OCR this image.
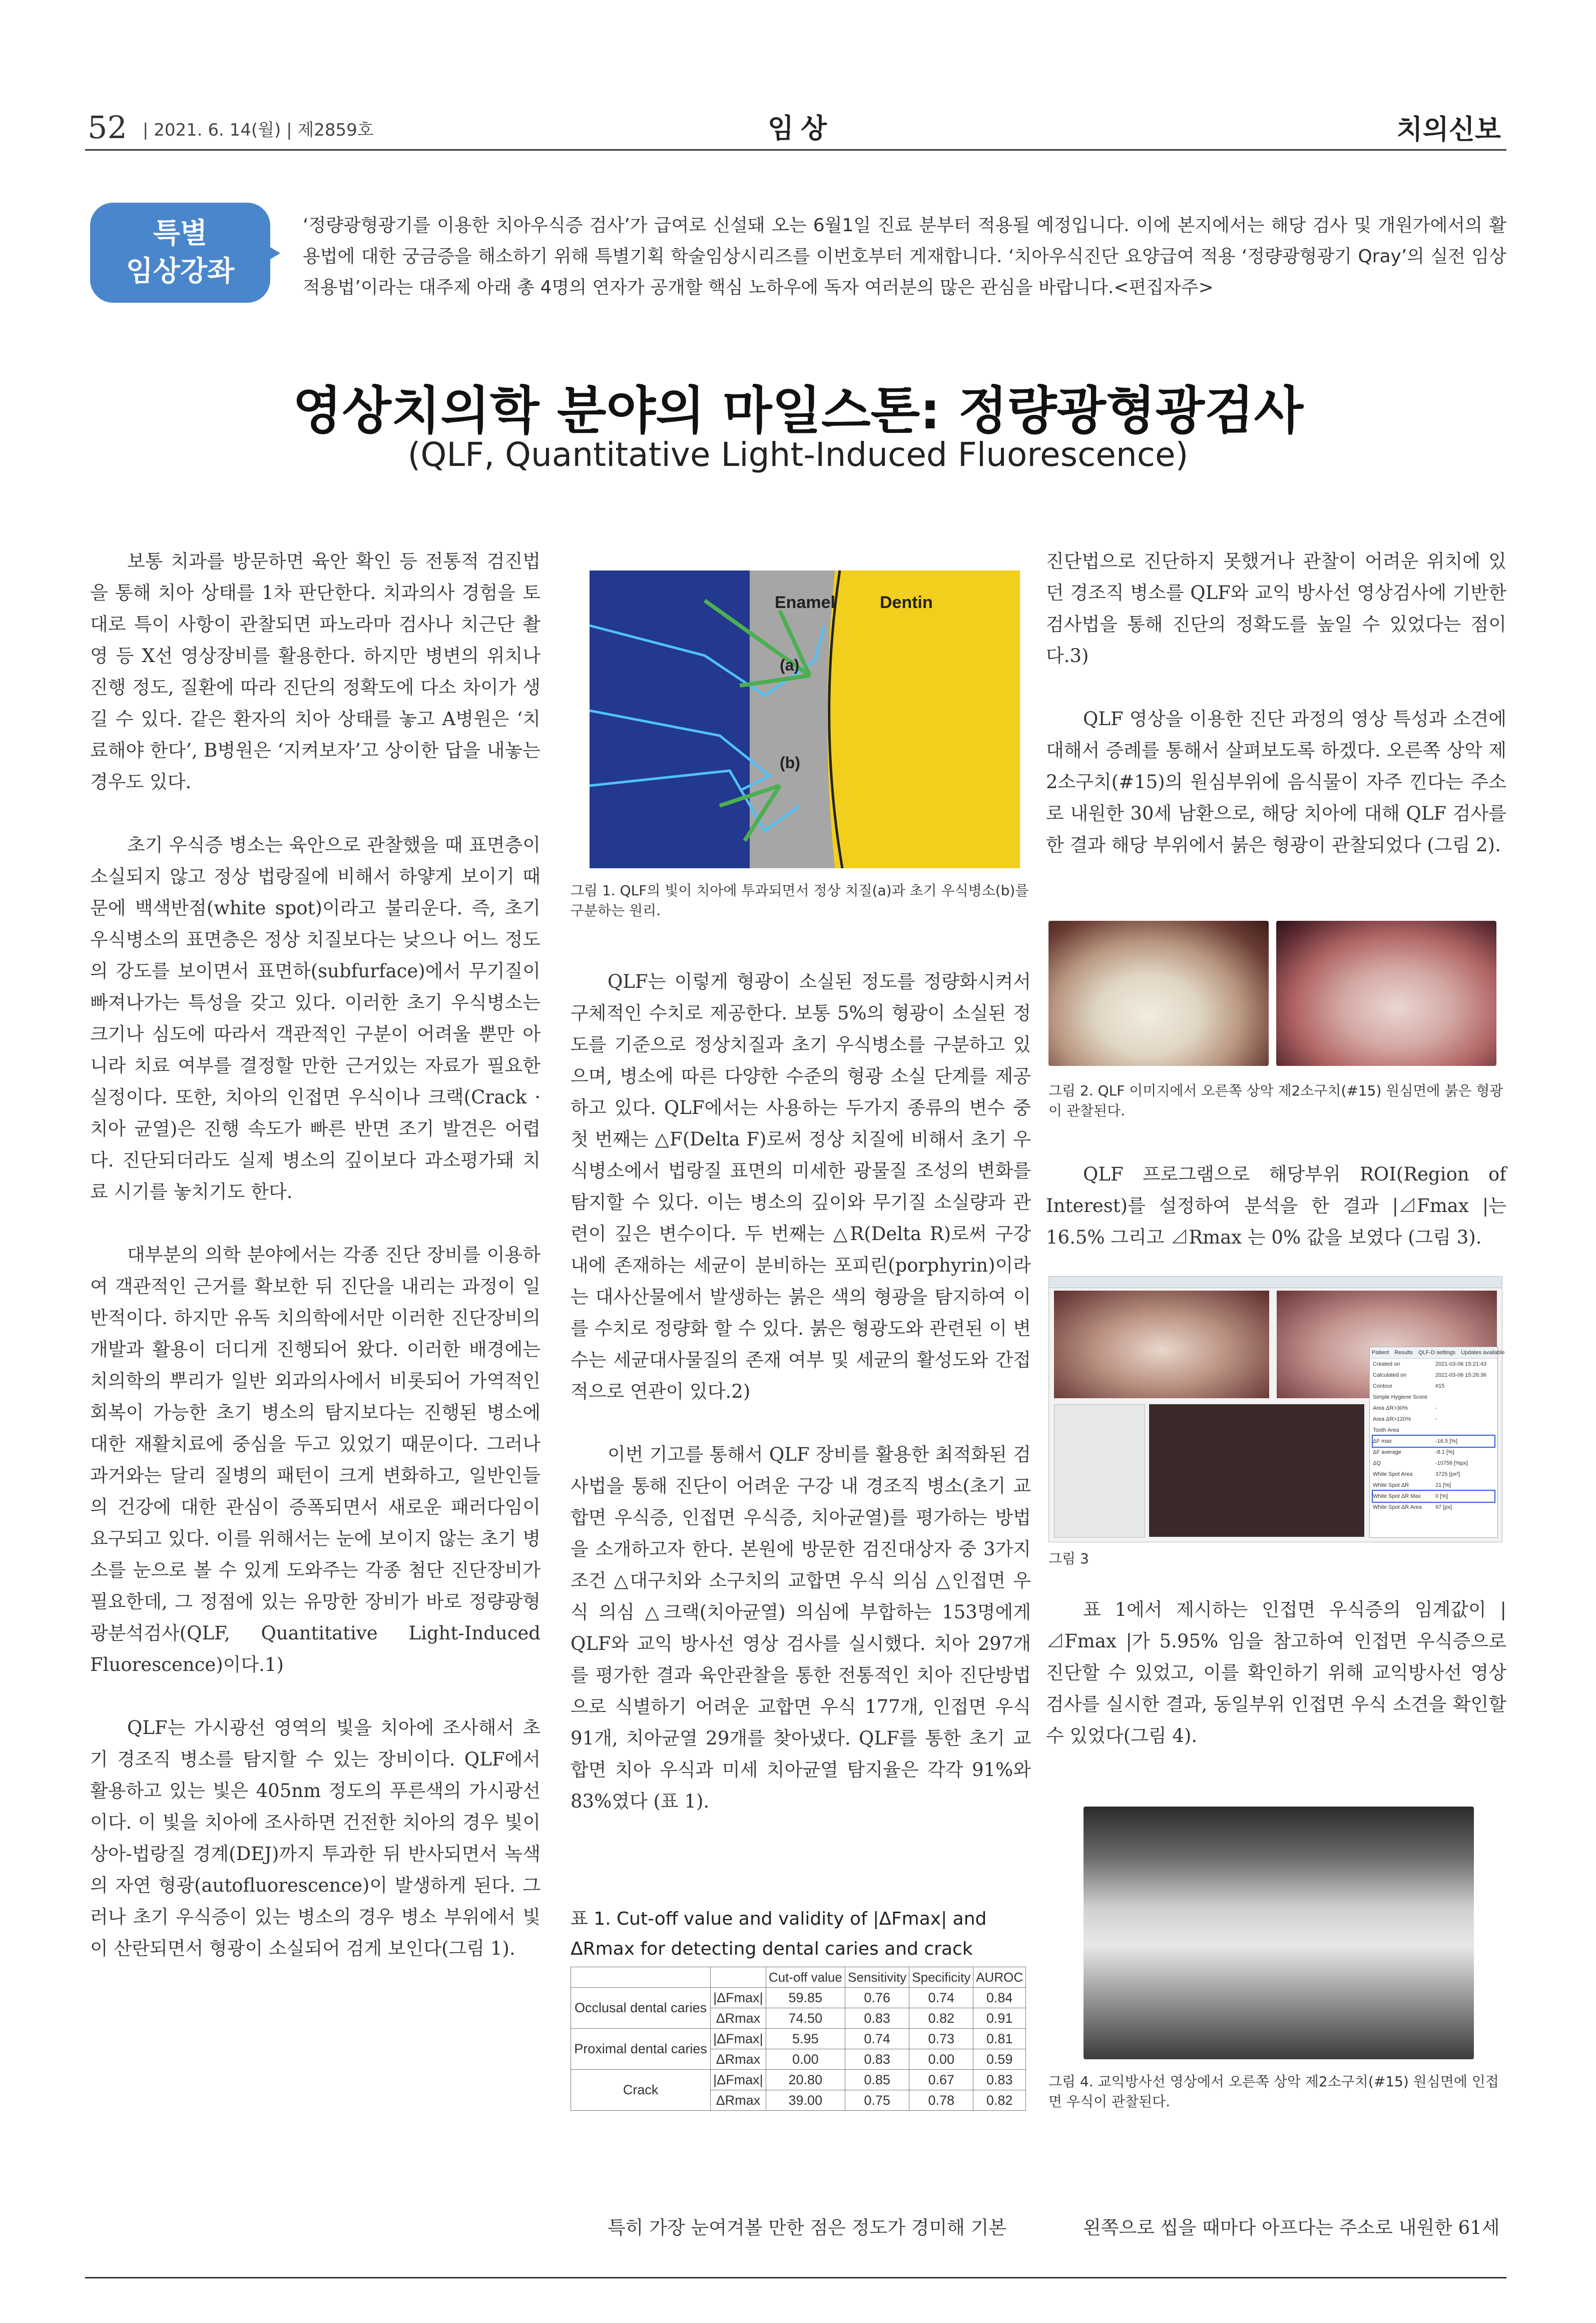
52 | 2021. 6. 14(월) | 제2859호	임상	치의신보
특별
임상강좌
‘정량광형광기를 이용한 치아우식증 검사’가 급여로 신설돼 오는 6월1일 진료 분부터 적용될 예정입니다. 이에 본지에서는 해당 검사 및 개원가에서의 활용법에 대한 궁금증을 해소하기 위해 특별기획 학술임상시리즈를 이번호부터 게재합니다. ‘치아우식진단 요양급여 적용 ‘정량광형광기 Qray’의 실전 임상 적용법’이라는 대주제 아래 총 4명의 연자가 공개할 핵심 노하우에 독자 여러분의 많은 관심을 바랍니다.<편집자주>
영상치의학 분야의 마일스톤: 정량광형광검사
(QLF, Quantitative Light-Induced Fluorescence)

보통 치과를 방문하면 육안 확인 등 전통적 검진법을 통해 치아 상태를 1차 판단한다. 치과의사 경험을 토대로 특이 사항이 관찰되면 파노라마 검사나 치근단 촬영 등 X선 영상장비를 활용한다. 하지만 병변의 위치나 진행 정도, 질환에 따라 진단의 정확도에 다소 차이가 생길 수 있다. 같은 환자의 치아 상태를 놓고 A병원은 ‘치료해야 한다’, B병원은 ‘지켜보자’고 상이한 답을 내놓는 경우도 있다.

초기 우식증 병소는 육안으로 관찰했을 때 표면층이 소실되지 않고 정상 법랑질에 비해서 하얗게 보이기 때문에 백색반점(white spot)이라고 불리운다. 즉, 초기 우식병소의 표면층은 정상 치질보다는 낮으나 어느 정도의 강도를 보이면서 표면하(subfurface)에서 무기질이 빠져나가는 특성을 갖고 있다. 이러한 초기 우식병소는 크기나 심도에 따라서 객관적인 구분이 어려울 뿐만 아니라 치료 여부를 결정할 만한 근거있는 자료가 필요한 실정이다. 또한, 치아의 인접면 우식이나 크랙(Crack · 치아 균열)은 진행 속도가 빠른 반면 조기 발견은 어렵다. 진단되더라도 실제 병소의 깊이보다 과소평가돼 치료 시기를 놓치기도 한다.

대부분의 의학 분야에서는 각종 진단 장비를 이용하여 객관적인 근거를 확보한 뒤 진단을 내리는 과정이 일반적이다. 하지만 유독 치의학에서만 이러한 진단장비의 개발과 활용이 더디게 진행되어 왔다. 이러한 배경에는 치의학의 뿌리가 일반 외과의사에서 비롯되어 가역적인 회복이 가능한 초기 병소의 탐지보다는 진행된 병소에 대한 재활치료에 중심을 두고 있었기 때문이다. 그러나 과거와는 달리 질병의 패턴이 크게 변화하고, 일반인들의 건강에 대한 관심이 증폭되면서 새로운 패러다임이 요구되고 있다. 이를 위해서는 눈에 보이지 않는 초기 병소를 눈으로 볼 수 있게 도와주는 각종 첨단 진단장비가 필요한데, 그 정점에 있는 유망한 장비가 바로 정량광형광분석검사(QLF, Quantitative Light-Induced Fluorescence)이다.1)

QLF는 가시광선 영역의 빛을 치아에 조사해서 초기 경조직 병소를 탐지할 수 있는 장비이다. QLF에서 활용하고 있는 빛은 405nm 정도의 푸른색의 가시광선이다. 이 빛을 치아에 조사하면 건전한 치아의 경우 빛이 상아-법랑질 경계(DEJ)까지 투과한 뒤 반사되면서 녹색의 자연 형광(autofluorescence)이 발생하게 된다. 그러나 초기 우식증이 있는 병소의 경우 병소 부위에서 빛이 산란되면서 형광이 소실되어 검게 보인다(그림 1).

Enamel	Dentin
(a)
(b)
그림 1. QLF의 빛이 치아에 투과되면서 정상 치질(a)과 초기 우식병소(b)를 구분하는 원리.

QLF는 이렇게 형광이 소실된 정도를 정량화시켜서 구체적인 수치로 제공한다. 보통 5%의 형광이 소실된 정도를 기준으로 정상치질과 초기 우식병소를 구분하고 있으며, 병소에 따른 다양한 수준의 형광 소실 단계를 제공하고 있다. QLF에서는 사용하는 두가지 종류의 변수 중 첫 번째는 △F(Delta F)로써 정상 치질에 비해서 초기 우식병소에서 법랑질 표면의 미세한 광물질 조성의 변화를 탐지할 수 있다. 이는 병소의 깊이와 무기질 소실량과 관련이 깊은 변수이다. 두 번째는 △R(Delta R)로써 구강 내에 존재하는 세균이 분비하는 포피린(porphyrin)이라는 대사산물에서 발생하는 붉은 색의 형광을 탐지하여 이를 수치로 정량화 할 수 있다. 붉은 형광도와 관련된 이 변수는 세균대사물질의 존재 여부 및 세균의 활성도와 간접적으로 연관이 있다.2)

이번 기고를 통해서 QLF 장비를 활용한 최적화된 검사법을 통해 진단이 어려운 구강 내 경조직 병소(초기 교합면 우식증, 인접면 우식증, 치아균열)를 평가하는 방법을 소개하고자 한다. 본원에 방문한 검진대상자 중 3가지 조건 △대구치와 소구치의 교합면 우식 의심 △인접면 우식 의심 △크랙(치아균열) 의심에 부합하는 153명에게 QLF와 교익 방사선 영상 검사를 실시했다. 치아 297개를 평가한 결과 육안관찰을 통한 전통적인 치아 진단방법으로 식별하기 어려운 교합면 우식 177개, 인접면 우식 91개, 치아균열 29개를 찾아냈다. QLF를 통한 초기 교합면 치아 우식과 미세 치아균열 탐지율은 각각 91%와 83%였다 (표 1).

표 1. Cut-off value and validity of |ΔFmax| and ΔRmax for detecting dental caries and crack
		Cut-off value	Sensitivity	Specificity	AUROC
Occlusal dental caries	|ΔFmax|	59.85	0.76	0.74	0.84
	ΔRmax	74.50	0.83	0.82	0.91
Proximal dental caries	|ΔFmax|	5.95	0.74	0.73	0.81
	ΔRmax	0.00	0.83	0.00	0.59
Crack	|ΔFmax|	20.80	0.85	0.67	0.83
	ΔRmax	39.00	0.75	0.78	0.82

특히 가장 눈여겨볼 만한 점은 정도가 경미해 기본

진단법으로 진단하지 못했거나 관찰이 어려운 위치에 있던 경조직 병소를 QLF와 교익 방사선 영상검사에 기반한 검사법을 통해 진단의 정확도를 높일 수 있었다는 점이다.3)

QLF 영상을 이용한 진단 과정의 영상 특성과 소견에 대해서 증례를 통해서 살펴보도록 하겠다. 오른쪽 상악 제2소구치(#15)의 원심부위에 음식물이 자주 낀다는 주소로 내원한 30세 남환으로, 해당 치아에 대해 QLF 검사를 한 결과 해당 부위에서 붉은 형광이 관찰되었다 (그림 2).

그림 2. QLF 이미지에서 오른쪽 상악 제2소구치(#15) 원심면에 붉은 형광이 관찰된다.

QLF 프로그램으로 해당부위 ROI(Region of Interest)를 설정하여 분석을 한 결과 |⊿Fmax |는 16.5% 그리고 ⊿Rmax 는 0% 값을 보였다 (그림 3).

Patient Results QLF-D settings Updates available
Created on	2021-03-06 15:21:43
Calculated on	2021-03-06 15:26:36
Contour	#15
Simple Hygiene Score
Area ΔR>30%	-
Area ΔR>120%	-
Tooth Area
ΔF max	-16.5 [%]
ΔF average	-8.1 [%]
ΔQ	-10756 [%px]
White Spot Area	3725 [px²]
White Spot ΔR	21 [%]
White Spot ΔR Max	0 [%]
White Spot ΔR Area	97 [px]
그림 3

표 1에서 제시하는 인접면 우식증의 임계값이 |⊿Fmax |가 5.95% 임을 참고하여 인접면 우식증으로 진단할 수 있었고, 이를 확인하기 위해 교익방사선 영상 검사를 실시한 결과, 동일부위 인접면 우식 소견을 확인할 수 있었다(그림 4).

그림 4. 교익방사선 영상에서 오른쪽 상악 제2소구치(#15) 원심면에 인접면 우식이 관찰된다.

왼쪽으로 씹을 때마다 아프다는 주소로 내원한 61세
